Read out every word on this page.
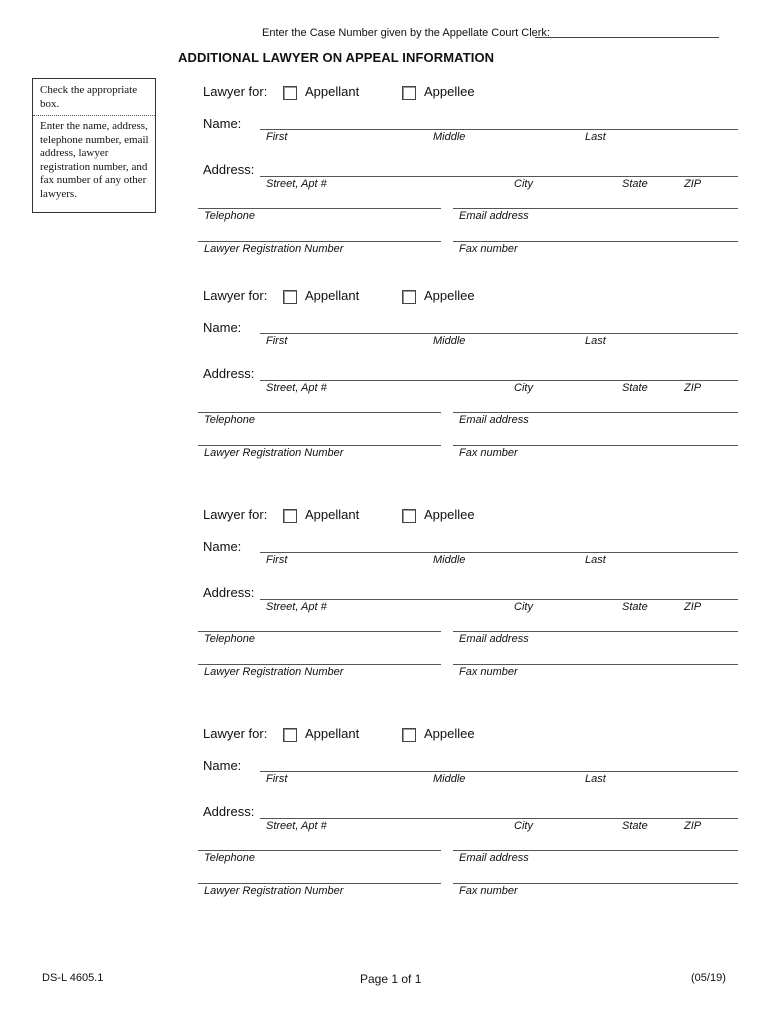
Enter the Case Number given by the Appellate Court Clerk:
ADDITIONAL LAWYER ON APPEAL INFORMATION
Check the appropriate box.
Enter the name, address, telephone number, email address, lawyer registration number, and fax number of any other lawyers.
Lawyer for:	Appellant	Appellee
Name:
First	Middle	Last
Address:
Street, Apt #	City	State	ZIP
Telephone	Email address
Lawyer Registration Number	Fax number
Lawyer for:	Appellant	Appellee
Name:
First	Middle	Last
Address:
Street, Apt #	City	State	ZIP
Telephone	Email address
Lawyer Registration Number	Fax number
Lawyer for:	Appellant	Appellee
Name:
First	Middle	Last
Address:
Street, Apt #	City	State	ZIP
Telephone	Email address
Lawyer Registration Number	Fax number
Lawyer for:	Appellant	Appellee
Name:
First	Middle	Last
Address:
Street, Apt #	City	State	ZIP
Telephone	Email address
Lawyer Registration Number	Fax number
DS-L 4605.1	Page 1 of 1	(05/19)
